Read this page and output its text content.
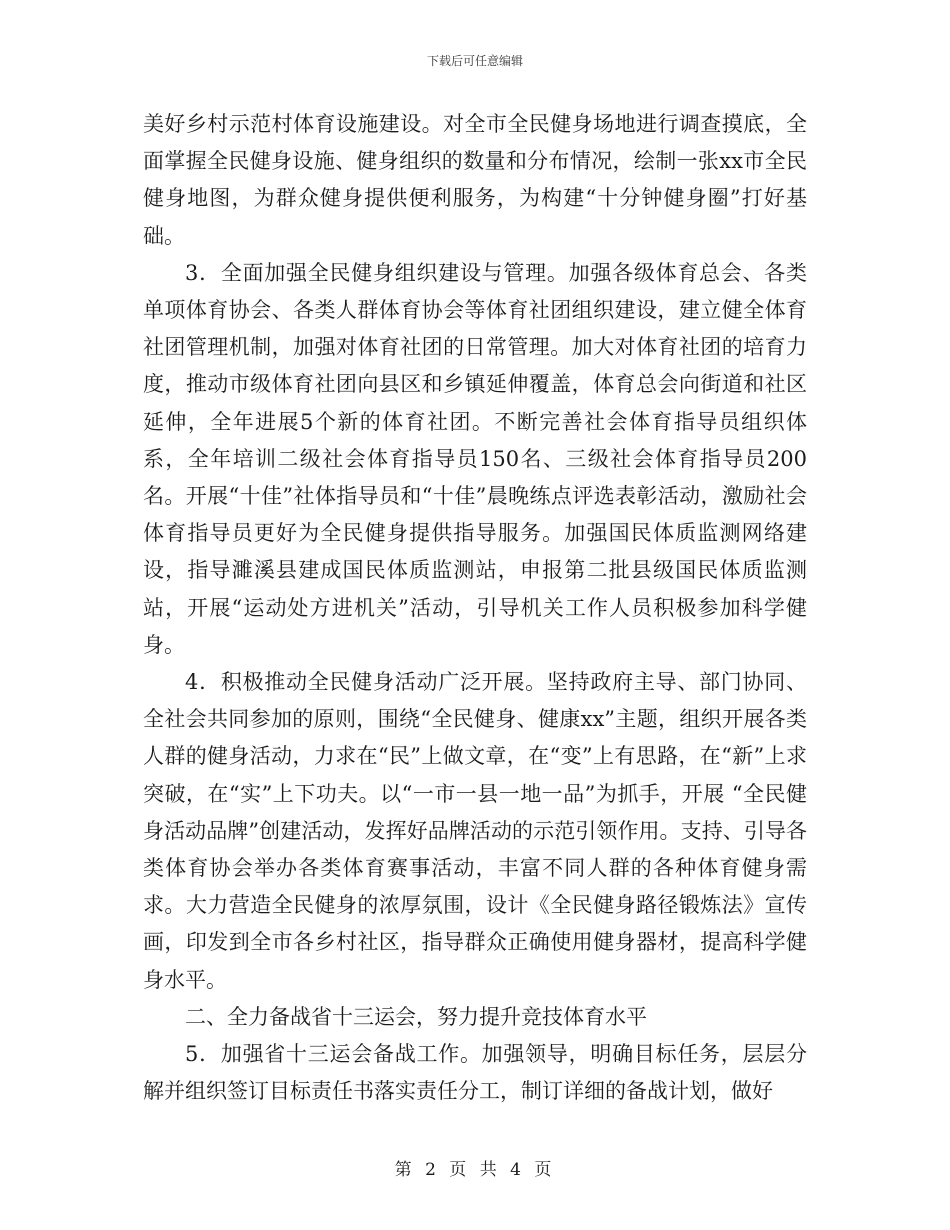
下载后可任意编辑

美好乡村示范村体育设施建设。对全市全民健身场地进行调查摸底，全面掌握全民健身设施、健身组织的数量和分布情况，绘制一张xx市全民健身地图，为群众健身提供便利服务，为构建“十分钟健身圈”打好基础。

3．全面加强全民健身组织建设与管理。加强各级体育总会、各类单项体育协会、各类人群体育协会等体育社团组织建设，建立健全体育社团管理机制，加强对体育社团的日常管理。加大对体育社团的培育力度，推动市级体育社团向县区和乡镇延伸覆盖，体育总会向街道和社区延伸，全年进展5个新的体育社团。不断完善社会体育指导员组织体系，全年培训二级社会体育指导员150名、三级社会体育指导员200名。开展“十佳”社体指导员和“十佳”晨晚练点评选表彰活动，激励社会体育指导员更好为全民健身提供指导服务。加强国民体质监测网络建设，指导濉溪县建成国民体质监测站，申报第二批县级国民体质监测站，开展“运动处方进机关”活动，引导机关工作人员积极参加科学健身。

4．积极推动全民健身活动广泛开展。坚持政府主导、部门协同、全社会共同参加的原则，围绕“全民健身、健康xx”主题，组织开展各类人群的健身活动，力求在“民”上做文章，在“变”上有思路，在“新”上求突破，在“实”上下功夫。以“一市一县一地一品”为抓手，开展 “全民健身活动品牌”创建活动，发挥好品牌活动的示范引领作用。支持、引导各类体育协会举办各类体育赛事活动，丰富不同人群的各种体育健身需求。大力营造全民健身的浓厚氛围，设计《全民健身路径锻炼法》宣传画，印发到全市各乡村社区，指导群众正确使用健身器材，提高科学健身水平。

二、全力备战省十三运会，努力提升竞技体育水平

5．加强省十三运会备战工作。加强领导，明确目标任务，层层分解并组织签订目标责任书落实责任分工，制订详细的备战计划，做好

第 2 页 共 4 页
